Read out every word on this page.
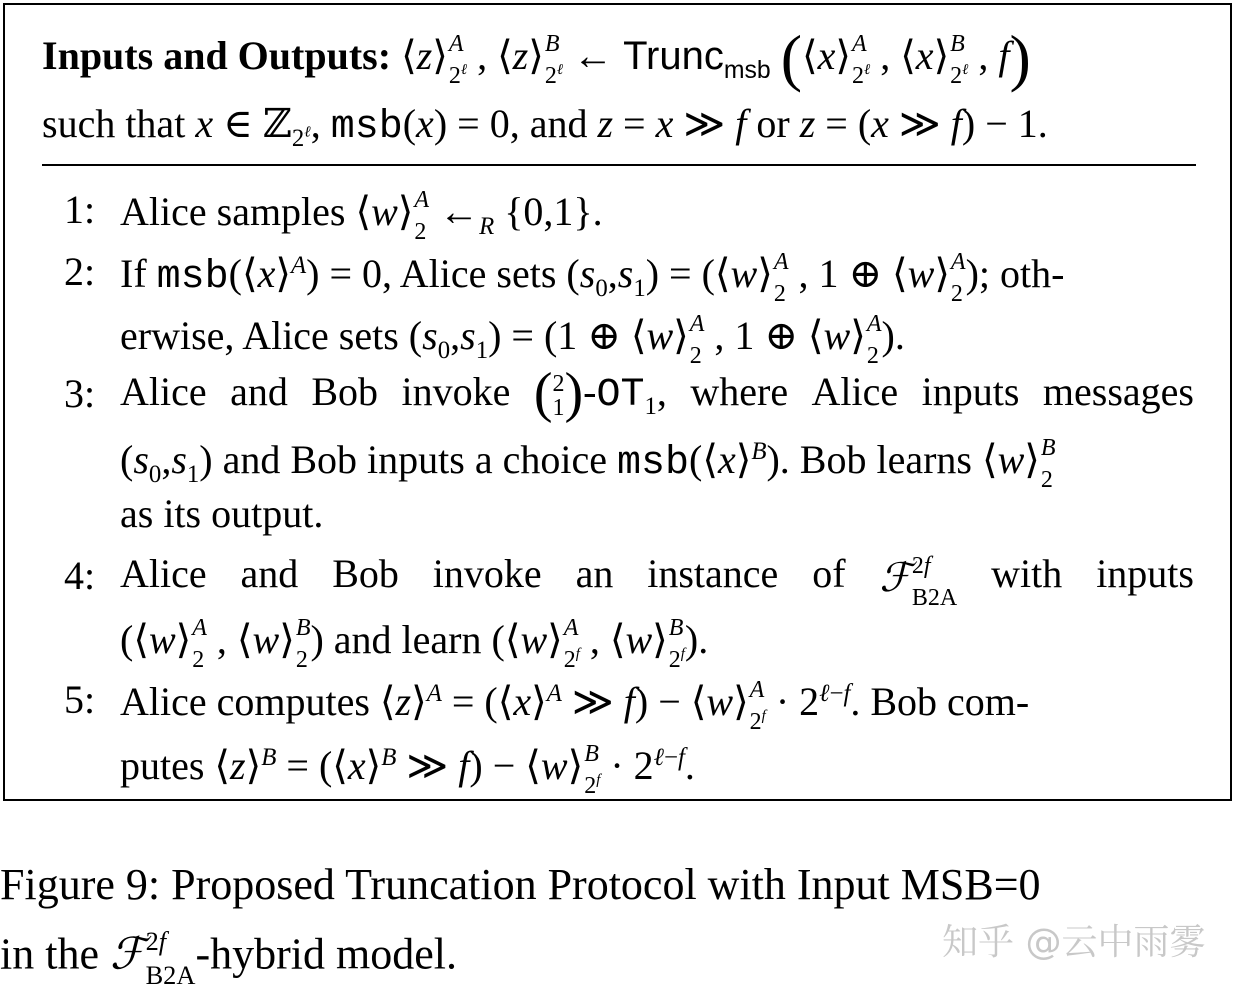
Inputs and Outputs: ⟨z⟩ A
$2^\ell$ , ⟨z⟩ B
$2^\ell$ ← Trunc$_{msb}$ (⟨x⟩ A
$2^\ell$ , ⟨x⟩ B
$2^\ell$ , f)
such that x ∈ ℤ$_{2^\ell}$, msb(x) = 0, and z = x ≫ f or z = (x ≫ f) − 1.
1: Alice samples ⟨w⟩ A
2 $\leftarrow_R$ {0,1}.
2: If msb(⟨x⟩$^A$) = 0, Alice sets $(s_0,s_1)$ = (⟨w⟩ A
2 , 1 ⊕ ⟨w⟩ A
2 ); oth-
erwise, Alice sets $(s_0,s_1) = (1$ ⊕ ⟨w⟩ A
2 , 1 ⊕ ⟨w⟩ A
2 ).
3: Alice and Bob invoke ( 2
1 )$-OT_1$, where Alice inputs messages
$(s_0,s_1)$ and Bob inputs a choice msb(⟨x⟩$^B$). Bob learns ⟨w⟩ B
2
as its output.
4: Alice and Bob invoke an instance of ℱ 2f
B2A
with inputs
(⟨w⟩ A
2 , ⟨w⟩ B
2 ) and learn (⟨w⟩ A
2$^f$ , ⟨w⟩ B
2$^f$ ).
5: Alice computes ⟨z⟩$^A$ = (⟨x⟩$^A$ ≫ f) − ⟨w⟩ A
$2^f \cdot 2^{\ell-f}$. Bob com-
putes ⟨z⟩$^B$ = (⟨x⟩$^B$ ≫ f) − ⟨w⟩ B
$2^f \cdot 2^{\ell-f}$.
Figure 9: Proposed Truncation Protocol with Input MSB=0
in the ℱ 2f
B2A -hybrid model.	知乎 @云中雨雾
